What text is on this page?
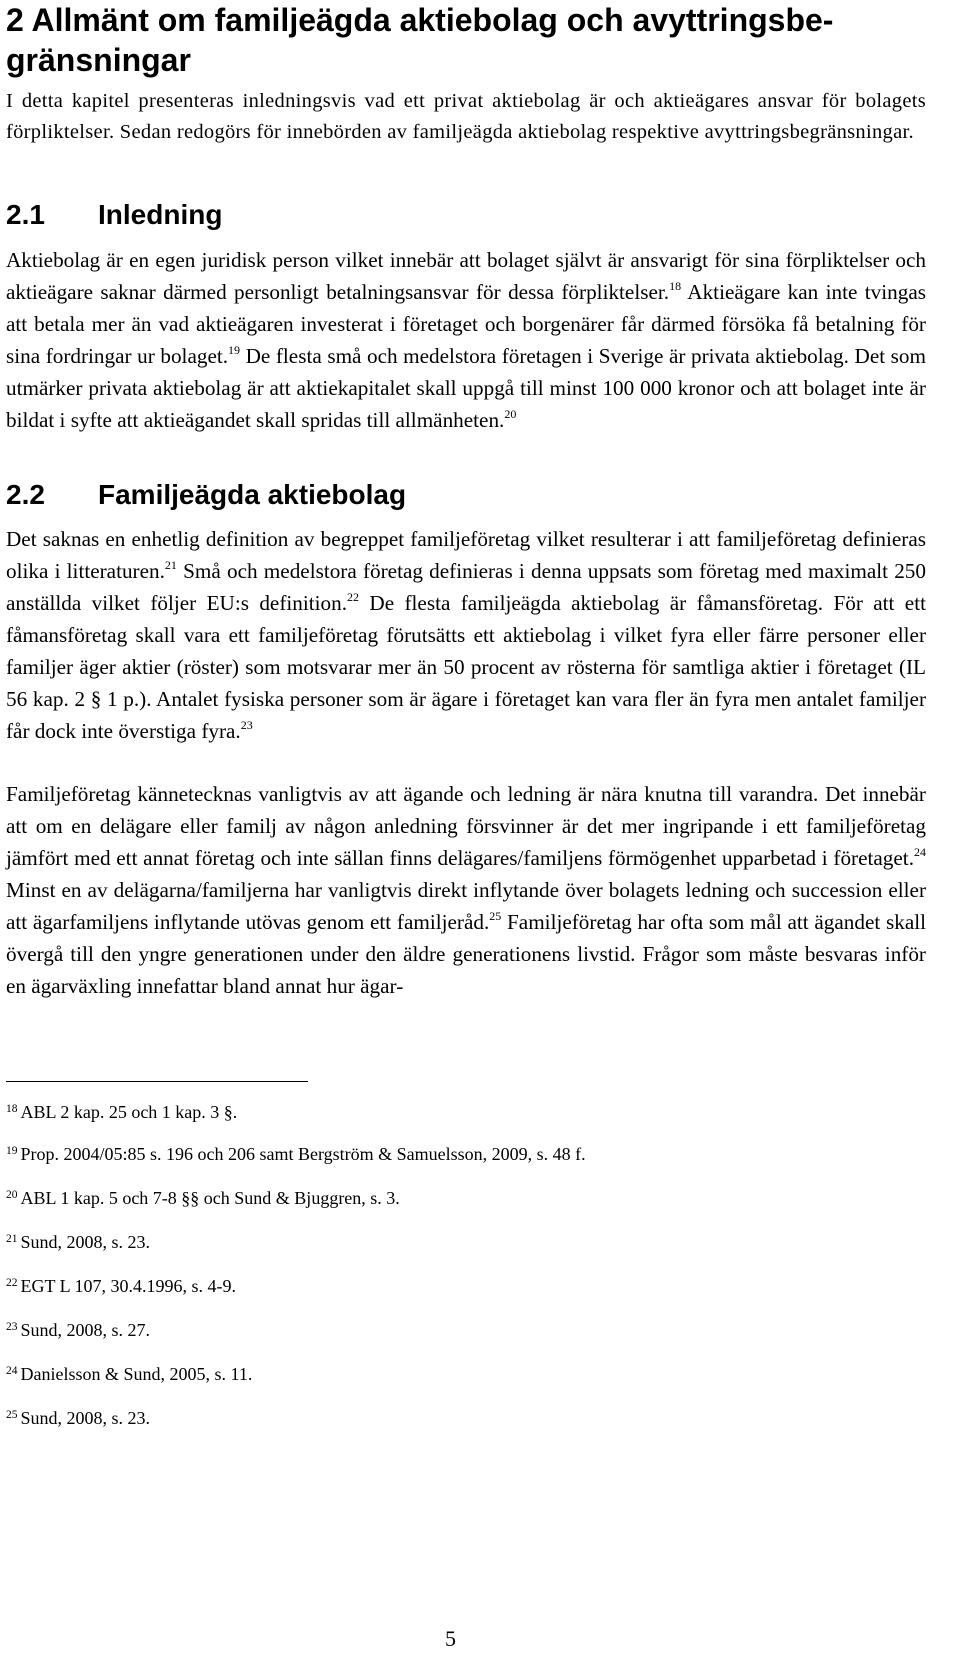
2 Allmänt om familjeägda aktiebolag och avyttringsbe- gränsningar

I detta kapitel presenteras inledningsvis vad ett privat aktiebolag är och aktieägares ansvar för bolagets förpliktelser. Sedan redogörs för innebörden av familjeägda aktiebolag respektive avyttringsbegränsningar.

2.1 Inledning

Aktiebolag är en egen juridisk person vilket innebär att bolaget självt är ansvarigt för sina förpliktelser och aktieägare saknar därmed personligt betalningsansvar för dessa förpliktelser.$^{18}$ Aktieägare kan inte tvingas att betala mer än vad aktieägaren investerat i företaget och borgenärer får därmed försöka få betalning för sina fordringar ur bolaget.$^{19}$ De flesta små och medelstora företagen i Sverige är privata aktiebolag. Det som utmärker privata aktiebolag är att aktiekapitalet skall uppgå till minst 100 000 kronor och att bolaget inte är bildat i syfte att aktieägandet skall spridas till allmänheten.$^{20}$

2.2 Familjeägda aktiebolag

Det saknas en enhetlig definition av begreppet familjeföretag vilket resulterar i att familjeföretag definieras olika i litteraturen.$^{21}$ Små och medelstora företag definieras i denna uppsats som företag med maximalt 250 anställda vilket följer EU:s definition.$^{22}$ De flesta familjeägda aktiebolag är fåmansföretag. För att ett fåmansföretag skall vara ett familjeföretag förutsätts ett aktiebolag i vilket fyra eller färre personer eller familjer äger aktier (röster) som motsvarar mer än 50 procent av rösterna för samtliga aktier i företaget (IL 56 kap. 2 § 1 p.). Antalet fysiska personer som är ägare i företaget kan vara fler än fyra men antalet familjer får dock inte överstiga fyra.$^{23}$

Familjeföretag kännetecknas vanligtvis av att ägande och ledning är nära knutna till varandra. Det innebär att om en delägare eller familj av någon anledning försvinner är det mer ingripande i ett familjeföretag jämfört med ett annat företag och inte sällan finns delägares/familjens förmögenhet upparbetad i företaget.$^{24}$ Minst en av delägarna/familjerna har vanligtvis direkt inflytande över bolagets ledning och succession eller att ägarfamiljens inflytande utövas genom ett familjeråd.$^{25}$ Familjeföretag har ofta som mål att ägandet skall övergå till den yngre generationen under den äldre generationens livstid. Frågor som måste besvaras inför en ägarväxling innefattar bland annat hur ägar-

$^{18}$ ABL 2 kap. 25 och 1 kap. 3 §.

$^{19}$ Prop. 2004/05:85 s. 196 och 206 samt Bergström & Samuelsson, 2009, s. 48 f.

$^{20}$ ABL 1 kap. 5 och 7-8 §§ och Sund & Bjuggren, s. 3.

$^{21}$ Sund, 2008, s. 23.

$^{22}$ EGT L 107, 30.4.1996, s. 4-9.

$^{23}$ Sund, 2008, s. 27.

$^{24}$ Danielsson & Sund, 2005, s. 11.

$^{25}$ Sund, 2008, s. 23.

5
